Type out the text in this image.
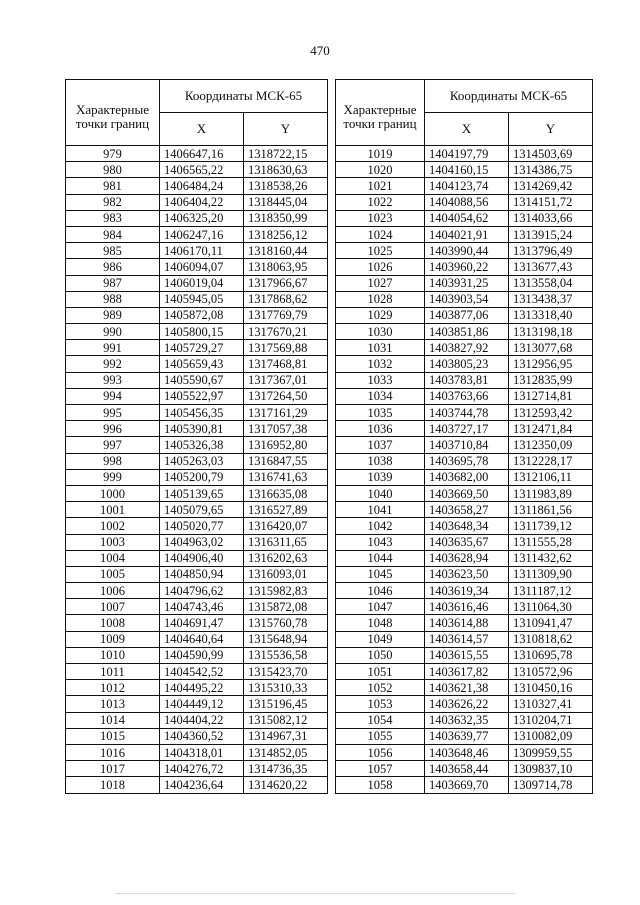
470
Характерные точки границ	Координаты МСК-65	
	X	Y
979	1406647,16	1318722,15
980	1406565,22	1318630,63
981	1406484,24	1318538,26
982	1406404,22	1318445,04
983	1406325,20	1318350,99
984	1406247,16	1318256,12
985	1406170,11	1318160,44
986	1406094,07	1318063,95
987	1406019,04	1317966,67
988	1405945,05	1317868,62
989	1405872,08	1317769,79
990	1405800,15	1317670,21
991	1405729,27	1317569,88
992	1405659,43	1317468,81
993	1405590,67	1317367,01
994	1405522,97	1317264,50
995	1405456,35	1317161,29
996	1405390,81	1317057,38
997	1405326,38	1316952,80
998	1405263,03	1316847,55
999	1405200,79	1316741,63
1000	1405139,65	1316635,08
1001	1405079,65	1316527,89
1002	1405020,77	1316420,07
1003	1404963,02	1316311,65
1004	1404906,40	1316202,63
1005	1404850,94	1316093,01
1006	1404796,62	1315982,83
1007	1404743,46	1315872,08
1008	1404691,47	1315760,78
1009	1404640,64	1315648,94
1010	1404590,99	1315536,58
1011	1404542,52	1315423,70
1012	1404495,22	1315310,33
1013	1404449,12	1315196,45
1014	1404404,22	1315082,12
1015	1404360,52	1314967,31
1016	1404318,01	1314852,05
1017	1404276,72	1314736,35
1018	1404236,64	1314620,22
Характерные точки границ	Координаты МСК-65	
	X	Y
1019	1404197,79	1314503,69
1020	1404160,15	1314386,75
1021	1404123,74	1314269,42
1022	1404088,56	1314151,72
1023	1404054,62	1314033,66
1024	1404021,91	1313915,24
1025	1403990,44	1313796,49
1026	1403960,22	1313677,43
1027	1403931,25	1313558,04
1028	1403903,54	1313438,37
1029	1403877,06	1313318,40
1030	1403851,86	1313198,18
1031	1403827,92	1313077,68
1032	1403805,23	1312956,95
1033	1403783,81	1312835,99
1034	1403763,66	1312714,81
1035	1403744,78	1312593,42
1036	1403727,17	1312471,84
1037	1403710,84	1312350,09
1038	1403695,78	1312228,17
1039	1403682,00	1312106,11
1040	1403669,50	1311983,89
1041	1403658,27	1311861,56
1042	1403648,34	1311739,12
1043	1403635,67	1311555,28
1044	1403628,94	1311432,62
1045	1403623,50	1311309,90
1046	1403619,34	1311187,12
1047	1403616,46	1311064,30
1048	1403614,88	1310941,47
1049	1403614,57	1310818,62
1050	1403615,55	1310695,78
1051	1403617,82	1310572,96
1052	1403621,38	1310450,16
1053	1403626,22	1310327,41
1054	1403632,35	1310204,71
1055	1403639,77	1310082,09
1056	1403648,46	1309959,55
1057	1403658,44	1309837,10
1058	1403669,70	1309714,78
